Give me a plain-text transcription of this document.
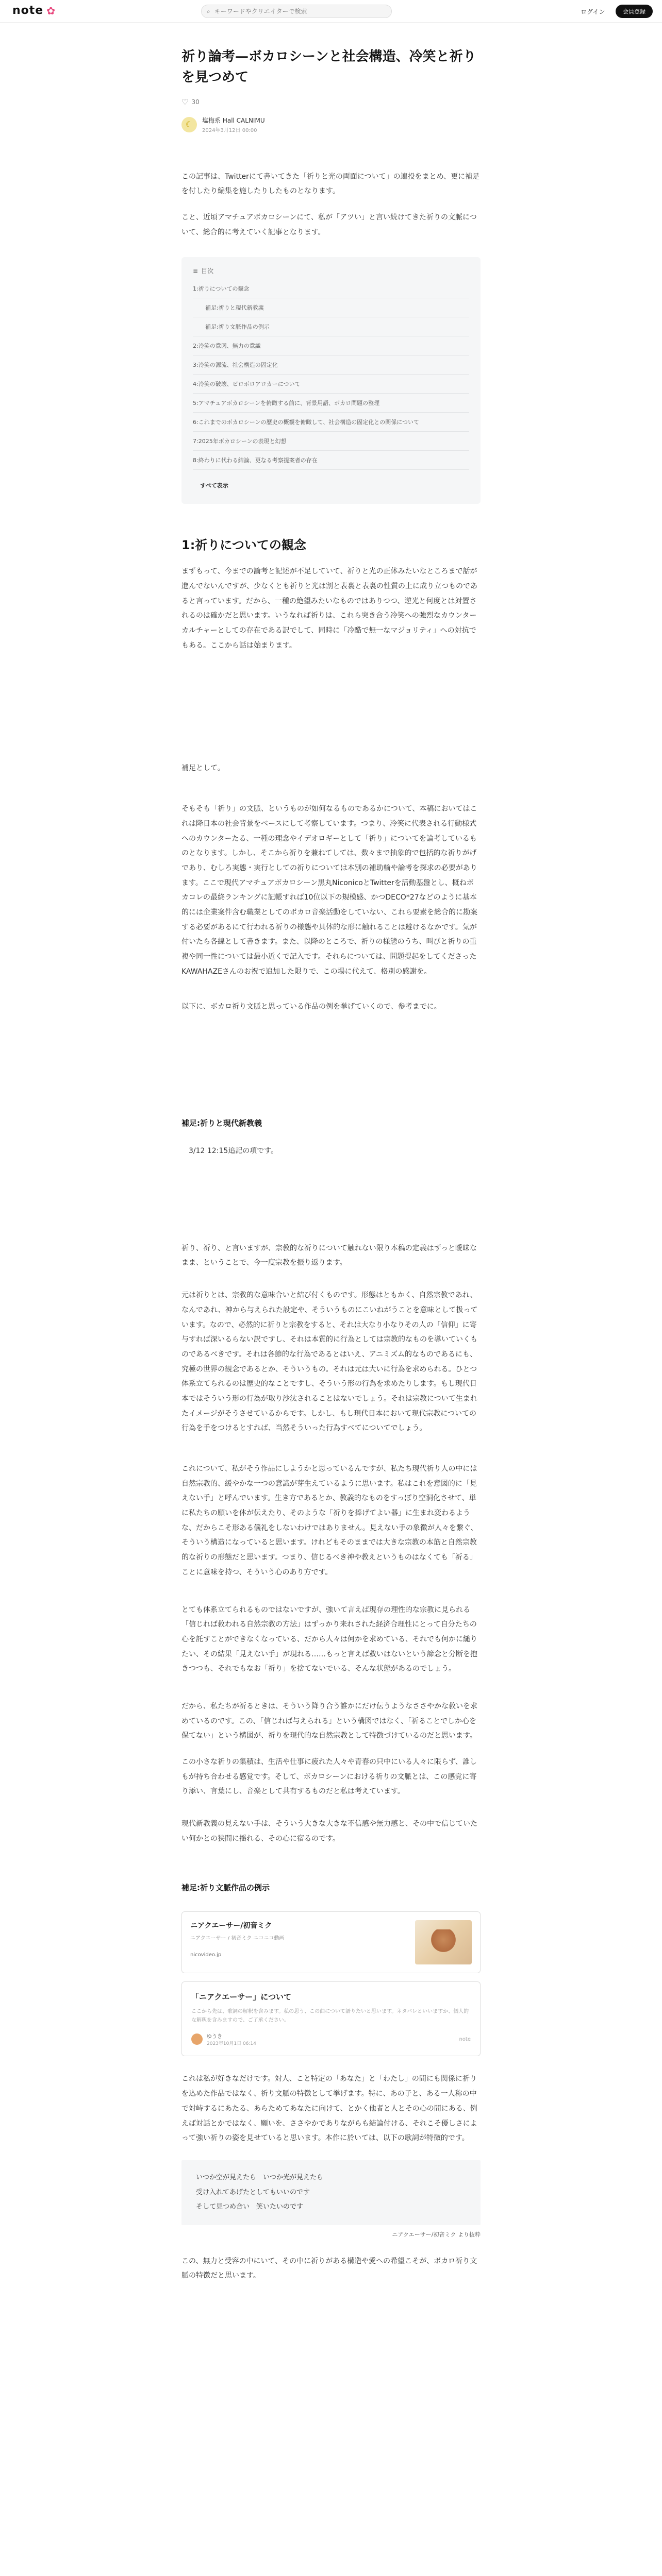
note ✿	⌕
キーワードやクリエイターで検索	ログイン	会員登録
祈り論考—ボカロシーンと社会構造、冷笑と祈りを見つめて
♡ 30
☾	塩梅系 Hall CALNIMU
2024年3月12日 00:00

この記事は、Twitterにて書いてきた「祈りと光の両面について」の連投をまとめ、更に補足を付したり編集を施したりしたものとなります。

こと、近頃アマチュアボカロシーンにて、私が「アツい」と言い続けてきた祈りの文脈について、総合的に考えていく記事となります。

≡ 目次
1:祈りについての観念
補足:祈りと現代新教義
補足:祈り文脈作品の例示
2:冷笑の意図、無力の意識
3:冷笑の源流、社会構造の固定化
4:冷笑の破壊、ビロボロアロカーについて
5:アマチュアボカロシーンを俯瞰する前に、背景用語、ボカロ問題の整理
6:これまでのボカロシーンの歴史の概観を俯瞰して、社会構造の固定化との関係について
7:2025年ボカロシーンの表現と幻想
8:終わりに代わる結論、更なる考察提案者の存在
すべて表示
1:祈りについての観念

まずもって、今までの論考と記述が不足していて、祈りと光の正体みたいなところまで話が進んでないんですが、少なくとも祈りと光は割と表裏と表裏の性質の上に成り立つものであると言っています。だから、一種の絶望みたいなものではありつつ、逆光と何度とは対置されるのは確かだと思います。いうなれば祈りは、これら突き合う冷笑への強烈なカウンターカルチャーとしての存在である訳でして、同時に「冷酷で無一なマジョリティ」への対抗でもある。ここから話は始まります。

補足として。

そもそも「祈り」の文脈、というものが如何なるものであるかについて、本稿においてはこれは降日本の社会背景をベースにして考察しています。つまり、冷笑に代表される行動様式へのカウンターたる、一種の理念やイデオロギーとして「祈り」についてを論考しているものとなります。しかし、そこから祈りを兼ねてしては、数々まで抽象的で包括的な祈りがげであり、むしろ実態・実行としての祈りについては本別の補助輪や論考を探求の必要があります。ここで現代アマチュアボカロシーン黒丸NiconicoとTwitterを活動基盤とし、概ねボカコレの最終ランキングに記帳すれば10位以下の規模感、かつDECO*27などのように基本的には企業案件含む職業としてのボカロ音楽活動をしていない、これら要素を総合的に勘案する必要があるにて行われる祈りの様態や具体的な形に触れることは避けるなかです。気が付いたら各線として書きます。また、以降のところで、祈りの様態のうち、叫びと祈りの重複や同一性については最小近くで記入です。それらについては、問題提起をしてくださったKAWAHAZEさんのお祝で追加した限りで、この場に代えて、格別の感謝を。

以下に、ボカロ祈り文脈と思っている作品の例を挙げていくので、参考までに。

補足:祈りと現代新教義

3/12 12:15追記の項です。

祈り、祈り、と言いますが、宗教的な祈りについて触れない限り本稿の定義はずっと曖昧なまま、ということで、今一度宗教を振り返ります。

元は祈りとは、宗教的な意味合いと結び付くものです。形態はともかく、自然宗教であれ、なんであれ、神から与えられた設定や、そういうものにこいねがうことを意味として扱っています。なので、必然的に祈りと宗教をすると、それは大なり小なりその人の「信仰」に寄与すれば深いるらない訳ですし、それは本質的に行為としては宗教的なものを導いていくものであるべきです。それは各節的な行為であるとはいえ、アニミズム的なものであるにも、究極の世界の観念であるとか、そういうもの。それは元は大いに行為を求められる。ひとつ体系立てられるのは歴史的なことですし、そういう形の行為を求めたりします。もし現代日本ではそういう形の行為が取り沙汰されることはないでしょう。それは宗教について生まれたイメージがそうさせているからです。しかし、もし現代日本において現代宗教についての行為を手をつけるとすれば、当然そういった行為すべてについてでしょう。

これについて、私がそう作品にしようかと思っているんですが、私たち現代祈り人の中には自然宗教的、緩やかな一つの意識が芽生えているように思います。私はこれを意図的に「見えない手」と呼んでいます。生き方であるとか、教義的なものをすっぽり空洞化させて、単に私たちの願いを体が伝えたり、そのような「祈りを捧げてよい器」に生まれ変わるような、だからこそ形ある儀礼をしないわけではありません。見えない手の象徴が人々を繋ぐ、そういう構造になっていると思います。けれどもそのままでは大きな宗教の本筋と自然宗教的な祈りの形態だと思います。つまり、信じるべき神や教えというものはなくても「祈る」ことに意味を持つ、そういう心のあり方です。

とても体系立てられるものではないですが、強いて言えば現存の理性的な宗教に見られる「信じれば救われる自然宗教の方法」はずっかり来れされた経済合理性にとって自分たちの心を託すことができなくなっている、だから人々は何かを求めている、それでも何かに縋りたい、その結果「見えない手」が現れる……もっと言えば救いはないという諦念と分断を抱きつつも、それでもなお「祈り」を捨てないでいる、そんな状態があるのでしょう。

だから、私たちが祈るときは、そういう降り合う誰かにだけ伝うようなささやかな救いを求めているのです。この、「信じれば与えられる」という構図ではなく、「祈ることでしか心を保てない」という構図が、祈りを現代的な自然宗教として特徴づけているのだと思います。

この小さな祈りの集積は、生活や仕事に疲れた人々や青春の只中にいる人々に限らず、誰しもが持ち合わせる感覚です。そして、ボカロシーンにおける祈りの文脈とは、この感覚に寄り添い、言葉にし、音楽として共有するものだと私は考えています。

現代新教義の見えない手は、そういう大きな大きな不信感や無力感と、その中で信じていたい何かとの狭間に揺れる、その心に宿るのです。

補足:祈り文脈作品の例示
ニアクエーサー/初音ミク
ニアクエーサー / 初音ミク ニコニコ動画
nicovideo.jp
「ニアクエーサー」について
ここから先は、歌詞の解釈を含みます。私の思う、この曲について語りたいと思います。ネタバレといいますか、個人的な解釈を含みますので、ご了承ください。
ゆうき
2023年10月1日 06:14
note

これは私が好きなだけです。対人、こと特定の「あなた」と「わたし」の間にも関係に祈りを込めた作品ではなく、祈り文脈の特徴として挙げます。特に、あの子と、ある一人称の中で対峙するにあたる、あらためてあなたに向けて、とかく他者と人とその心の間にある、例えば対話とかではなく、願いを、ささやかでありながらも結論付ける、それこそ優しさによって強い祈りの姿を見せていると思います。本作に於いては、以下の歌詞が特徴的です。

いつか空が見えたら　いつか光が見えたら
受け入れてあげたとしてもいいのです
そして見つめ合い　笑いたいのです
ニアクエーサー/初音ミク より抜粋

この、無力と受容の中にいて、その中に祈りがある構造や愛への希望こそが、ボカロ祈り文脈の特徴だと思います。
